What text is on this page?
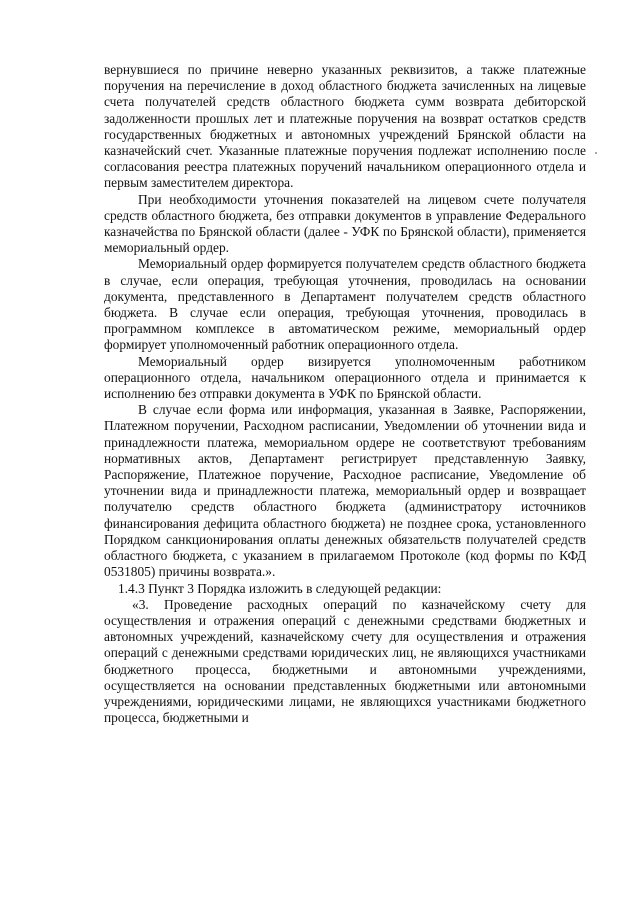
вернувшиеся по причине неверно указанных реквизитов, а также платежные поручения на перечисление в доход областного бюджета зачисленных на лицевые счета получателей средств областного бюджета сумм возврата дебиторской задолженности прошлых лет и платежные поручения на возврат остатков средств государственных бюджетных и автономных учреждений Брянской области на казначейский счет. Указанные платежные поручения подлежат исполнению после согласования реестра платежных поручений начальником операционного отдела и первым заместителем директора.

При необходимости уточнения показателей на лицевом счете получателя средств областного бюджета, без отправки документов в управление Федерального казначейства по Брянской области (далее - УФК по Брянской области), применяется мемориальный ордер.

Мемориальный ордер формируется получателем средств областного бюджета в случае, если операция, требующая уточнения, проводилась на основании документа, представленного в Департамент получателем средств областного бюджета. В случае если операция, требующая уточнения, проводилась в программном комплексе в автоматическом режиме, мемориальный ордер формирует уполномоченный работник операционного отдела.

Мемориальный ордер визируется уполномоченным работником операционного отдела, начальником операционного отдела и принимается к исполнению без отправки документа в УФК по Брянской области.

В случае если форма или информация, указанная в Заявке, Распоряжении, Платежном поручении, Расходном расписании, Уведомлении об уточнении вида и принадлежности платежа, мемориальном ордере не соответствуют требованиям нормативных актов, Департамент регистрирует представленную Заявку, Распоряжение, Платежное поручение, Расходное расписание, Уведомление об уточнении вида и принадлежности платежа, мемориальный ордер и возвращает получателю средств областного бюджета (администратору источников финансирования дефицита областного бюджета) не позднее срока, установленного Порядком санкционирования оплаты денежных обязательств получателей средств областного бюджета, с указанием в прилагаемом Протоколе (код формы по КФД 0531805) причины возврата.».

1.4.3 Пункт 3 Порядка изложить в следующей редакции:

«3. Проведение расходных операций по казначейскому счету для осуществления и отражения операций с денежными средствами бюджетных и автономных учреждений, казначейскому счету для осуществления и отражения операций с денежными средствами юридических лиц, не являющихся участниками бюджетного процесса, бюджетными и автономными учреждениями, осуществляется на основании представленных бюджетными или автономными учреждениями, юридическими лицами, не являющихся участниками бюджетного процесса, бюджетными и
